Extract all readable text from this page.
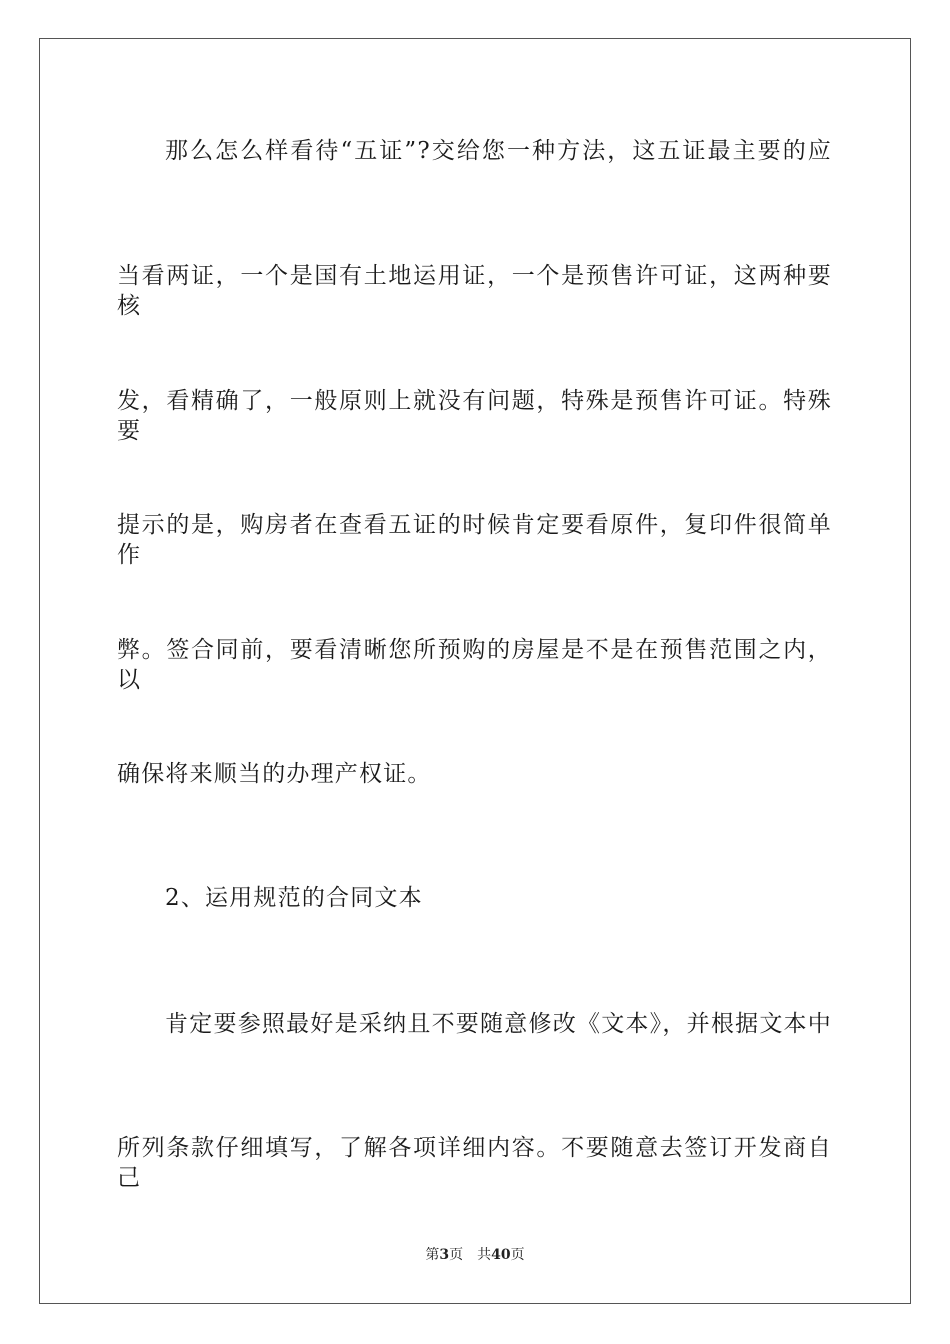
那么怎么样看待“五证”?交给您一种方法，这五证最主要的应
当看两证，一个是国有土地运用证，一个是预售许可证，这两种要核
发，看精确了，一般原则上就没有问题，特殊是预售许可证。特殊要
提示的是，购房者在查看五证的时候肯定要看原件，复印件很简单作
弊。签合同前，要看清晰您所预购的房屋是不是在预售范围之内，以
确保将来顺当的办理产权证。
2、运用规范的合同文本
肯定要参照最好是采纳且不要随意修改《文本》，并根据文本中
所列条款仔细填写，了解各项详细内容。不要随意去签订开发商自己
第3页 共40页
